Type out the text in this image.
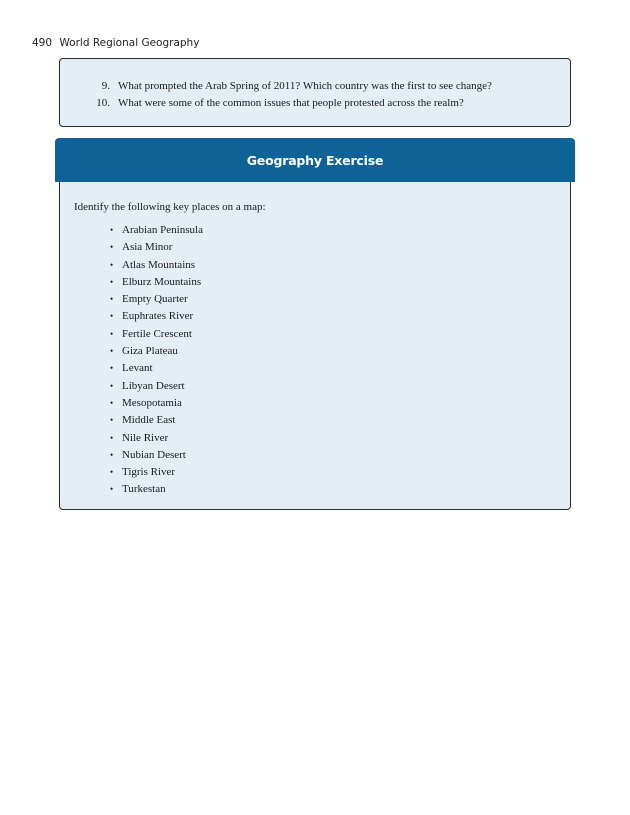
490 World Regional Geography
9. What prompted the Arab Spring of 2011? Which country was the first to see change?
10. What were some of the common issues that people protested across the realm?
Identify the following key places on a map:
• Arabian Peninsula
• Asia Minor
• Atlas Mountains
• Elburz Mountains
• Empty Quarter
• Euphrates River
• Fertile Crescent
• Giza Plateau
• Levant
• Libyan Desert
• Mesopotamia
• Middle East
• Nile River
• Nubian Desert
• Tigris River
• Turkestan
Geography Exercise
